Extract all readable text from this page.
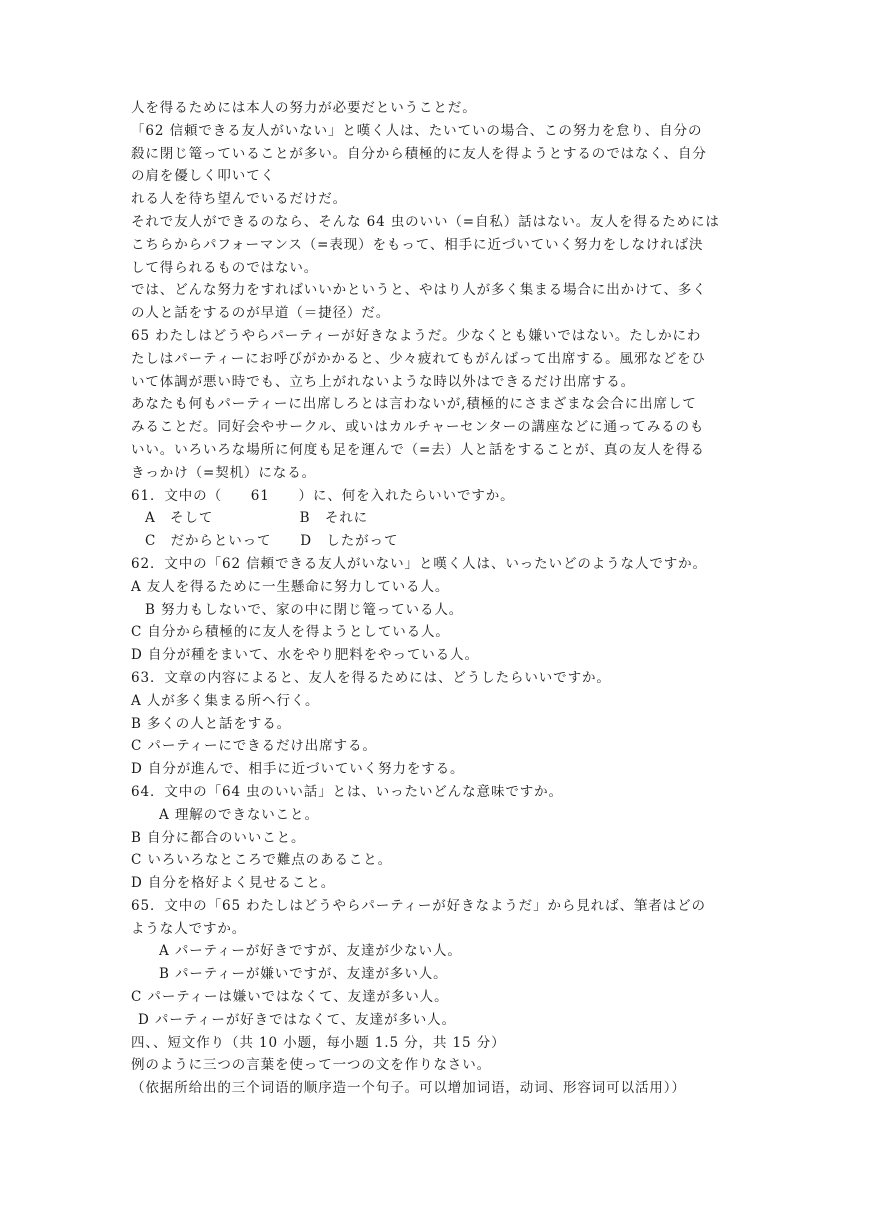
人を得るためには本人の努力が必要だということだ。
「62 信頼できる友人がいない」と嘆く人は、たいていの場合、この努力を怠り、自分の
殺に閉じ篭っていることが多い。自分から積極的に友人を得ようとするのではなく、自分
の肩を優しく叩いてく
れる人を待ち望んでいるだけだ。
それで友人ができるのなら、そんな 64 虫のいい（=自私）話はない。友人を得るためには
こちらからパフォーマンス（=表现）をもって、相手に近づいていく努力をしなければ決
して得られるものではない。
では、どんな努力をすればいいかというと、やはり人が多く集まる場合に出かけて、多く
の人と話をするのが早道（＝捷径）だ。
65 わたしはどうやらパーティーが好きなようだ。少なくとも嫌いではない。たしかにわ
たしはパーティーにお呼びがかかると、少々疲れてもがんばって出席する。風邪などをひ
いて体調が悪い時でも、立ち上がれないような時以外はできるだけ出席する。
あなたも何もパーティーに出席しろとは言わないが,積極的にさまざまな会合に出席して
みることだ。同好会やサークル、或いはカルチャーセンターの講座などに通ってみるのも
いい。いろいろな場所に何度も足を運んで（=去）人と話をすることが、真の友人を得る
きっかけ（=契机）になる。
61．文中の（　　61　　）に、何を入れたらいいですか。
A　そして　　　　　　B　それに
C　だからといって　　D　したがって
62．文中の「62 信頼できる友人がいない」と嘆く人は、いったいどのような人ですか。
A 友人を得るために一生懸命に努力している人。
B 努力もしないで、家の中に閉じ篭っている人。
C 自分から積極的に友人を得ようとしている人。
D 自分が種をまいて、水をやり肥料をやっている人。
63．文章の内容によると、友人を得るためには、どうしたらいいですか。
A 人が多く集まる所へ行く。
B 多くの人と話をする。
C パーティーにできるだけ出席する。
D 自分が進んで、相手に近づいていく努力をする。
64．文中の「64 虫のいい話」とは、いったいどんな意味ですか。
A 理解のできないこと。
B 自分に都合のいいこと。
C いろいろなところで難点のあること。
D 自分を格好よく見せること。
65．文中の「65 わたしはどうやらパーティーが好きなようだ」から見れば、筆者はどの
ような人ですか。
A パーティーが好きですが、友達が少ない人。
B パーティーが嫌いですが、友達が多い人。
C パーティーは嫌いではなくて、友達が多い人。
D パーティーが好きではなくて、友達が多い人。
四、、短文作り（共 10 小题，每小题 1.5 分，共 15 分）
例のように三つの言葉を使って一つの文を作りなさい。
（依据所给出的三个词语的顺序造一个句子。可以增加词语，动词、形容词可以活用））
